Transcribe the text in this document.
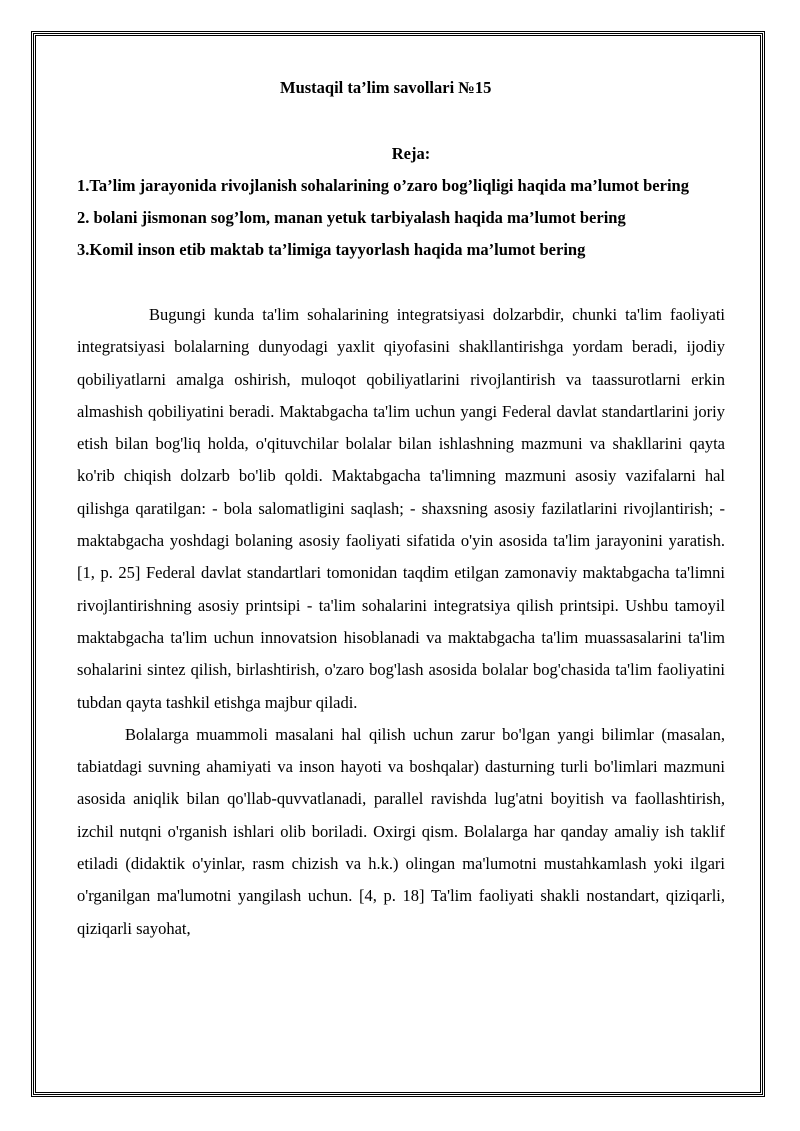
Mustaqil ta’lim savollari №15
Reja:
1.Ta’lim jarayonida rivojlanish sohalarining o’zaro bog’liqligi haqida ma’lumot bering
2. bolani jismonan sog’lom, manan yetuk tarbiyalash haqida ma’lumot bering
3.Komil inson etib maktab ta’limiga tayyorlash haqida ma’lumot bering

Bugungi kunda ta'lim sohalarining integratsiyasi dolzarbdir, chunki ta'lim faoliyati integratsiyasi bolalarning dunyodagi yaxlit qiyofasini shakllantirishga yordam beradi, ijodiy qobiliyatlarni amalga oshirish, muloqot qobiliyatlarini rivojlantirish va taassurotlarni erkin almashish qobiliyatini beradi. Maktabgacha ta'lim uchun yangi Federal davlat standartlarini joriy etish bilan bog'liq holda, o'qituvchilar bolalar bilan ishlashning mazmuni va shakllarini qayta ko'rib chiqish dolzarb bo'lib qoldi. Maktabgacha ta'limning mazmuni asosiy vazifalarni hal qilishga qaratilgan: - bola salomatligini saqlash; - shaxsning asosiy fazilatlarini rivojlantirish; - maktabgacha yoshdagi bolaning asosiy faoliyati sifatida o'yin asosida ta'lim jarayonini yaratish. [1, p. 25] Federal davlat standartlari tomonidan taqdim etilgan zamonaviy maktabgacha ta'limni rivojlantirishning asosiy printsipi - ta'lim sohalarini integratsiya qilish printsipi. Ushbu tamoyil maktabgacha ta'lim uchun innovatsion hisoblanadi va maktabgacha ta'lim muassasalarini ta'lim sohalarini sintez qilish, birlashtirish, o'zaro bog'lash asosida bolalar bog'chasida ta'lim faoliyatini tubdan qayta tashkil etishga majbur qiladi.

Bolalarga muammoli masalani hal qilish uchun zarur bo'lgan yangi bilimlar (masalan, tabiatdagi suvning ahamiyati va inson hayoti va boshqalar) dasturning turli bo'limlari mazmuni asosida aniqlik bilan qo'llab-quvvatlanadi, parallel ravishda lug'atni boyitish va faollashtirish, izchil nutqni o'rganish ishlari olib boriladi. Oxirgi qism. Bolalarga har qanday amaliy ish taklif etiladi (didaktik o'yinlar, rasm chizish va h.k.) olingan ma'lumotni mustahkamlash yoki ilgari o'rganilgan ma'lumotni yangilash uchun. [4, p. 18] Ta'lim faoliyati shakli nostandart, qiziqarli, qiziqarli sayohat,
